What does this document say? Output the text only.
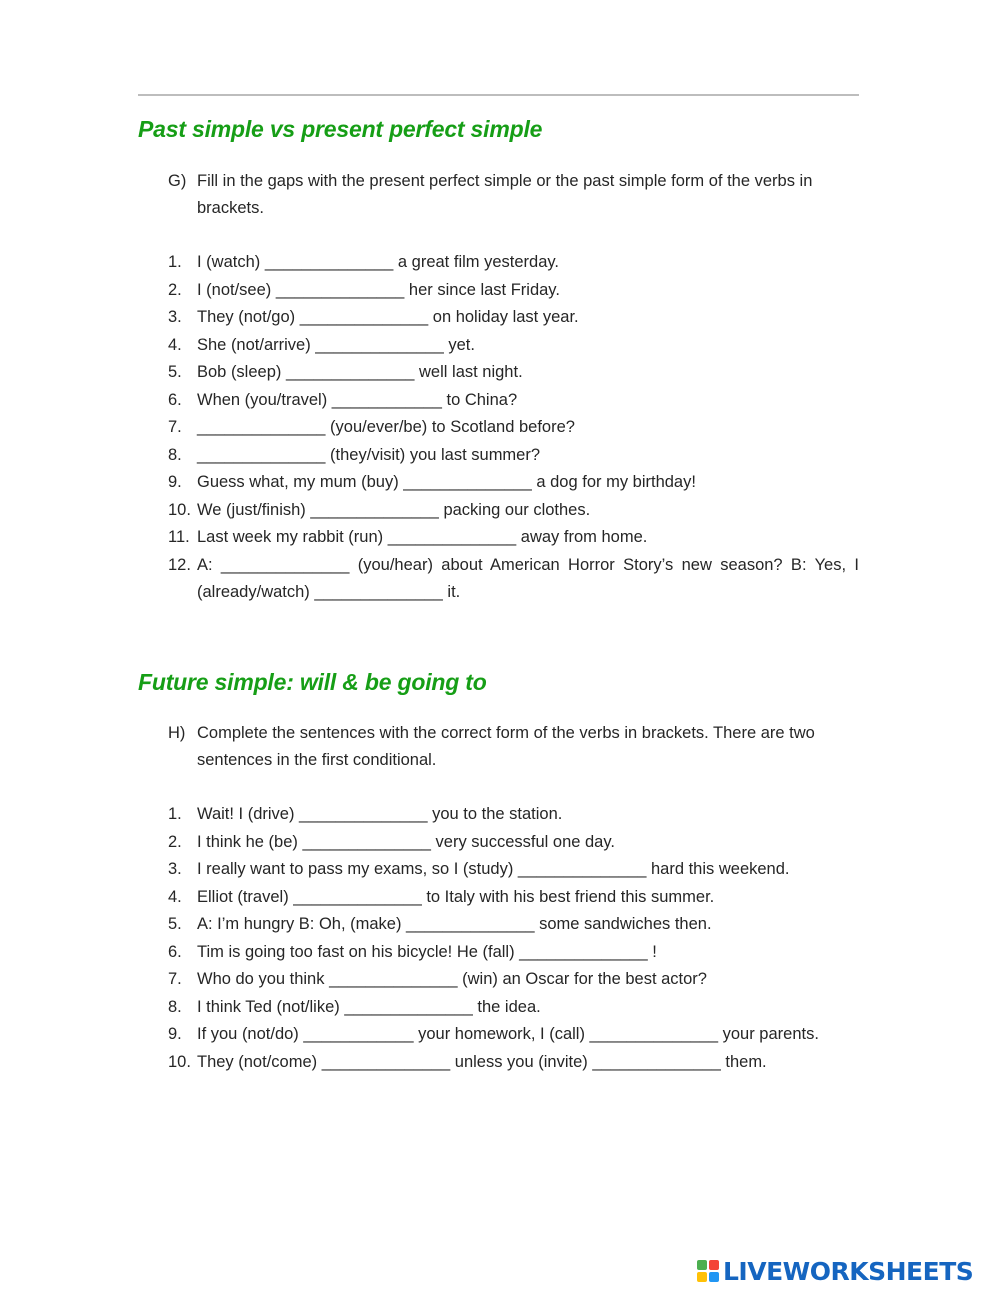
Past simple vs present perfect simple
G) Fill in the gaps with the present perfect simple or the past simple form of the verbs in brackets.
1. I (watch) ______________ a great film yesterday.
2. I (not/see) ______________ her since last Friday.
3. They (not/go) ______________ on holiday last year.
4. She (not/arrive) ______________ yet.
5. Bob (sleep) ______________ well last night.
6. When (you/travel) ____________ to China?
7. ______________ (you/ever/be) to Scotland before?
8. ______________ (they/visit) you last summer?
9. Guess what, my mum (buy) ______________ a dog for my birthday!
10. We (just/finish) ______________ packing our clothes.
11. Last week my rabbit (run) ______________ away from home.
12. A: ______________ (you/hear) about American Horror Story’s new season? B: Yes, I (already/watch) ______________ it.
Future simple: will & be going to
H) Complete the sentences with the correct form of the verbs in brackets. There are two sentences in the first conditional.
1. Wait! I (drive) ______________ you to the station.
2. I think he (be) ______________ very successful one day.
3. I really want to pass my exams, so I (study) ______________ hard this weekend.
4. Elliot (travel) ______________ to Italy with his best friend this summer.
5. A: I’m hungry B: Oh, (make) ______________ some sandwiches then.
6. Tim is going too fast on his bicycle! He (fall) ______________ !
7. Who do you think ______________ (win) an Oscar for the best actor?
8. I think Ted (not/like) ______________ the idea.
9. If you (not/do) ____________ your homework, I (call) ______________ your parents.
10. They (not/come) ______________ unless you (invite) ______________ them.
LIVEWORKSHEETS
